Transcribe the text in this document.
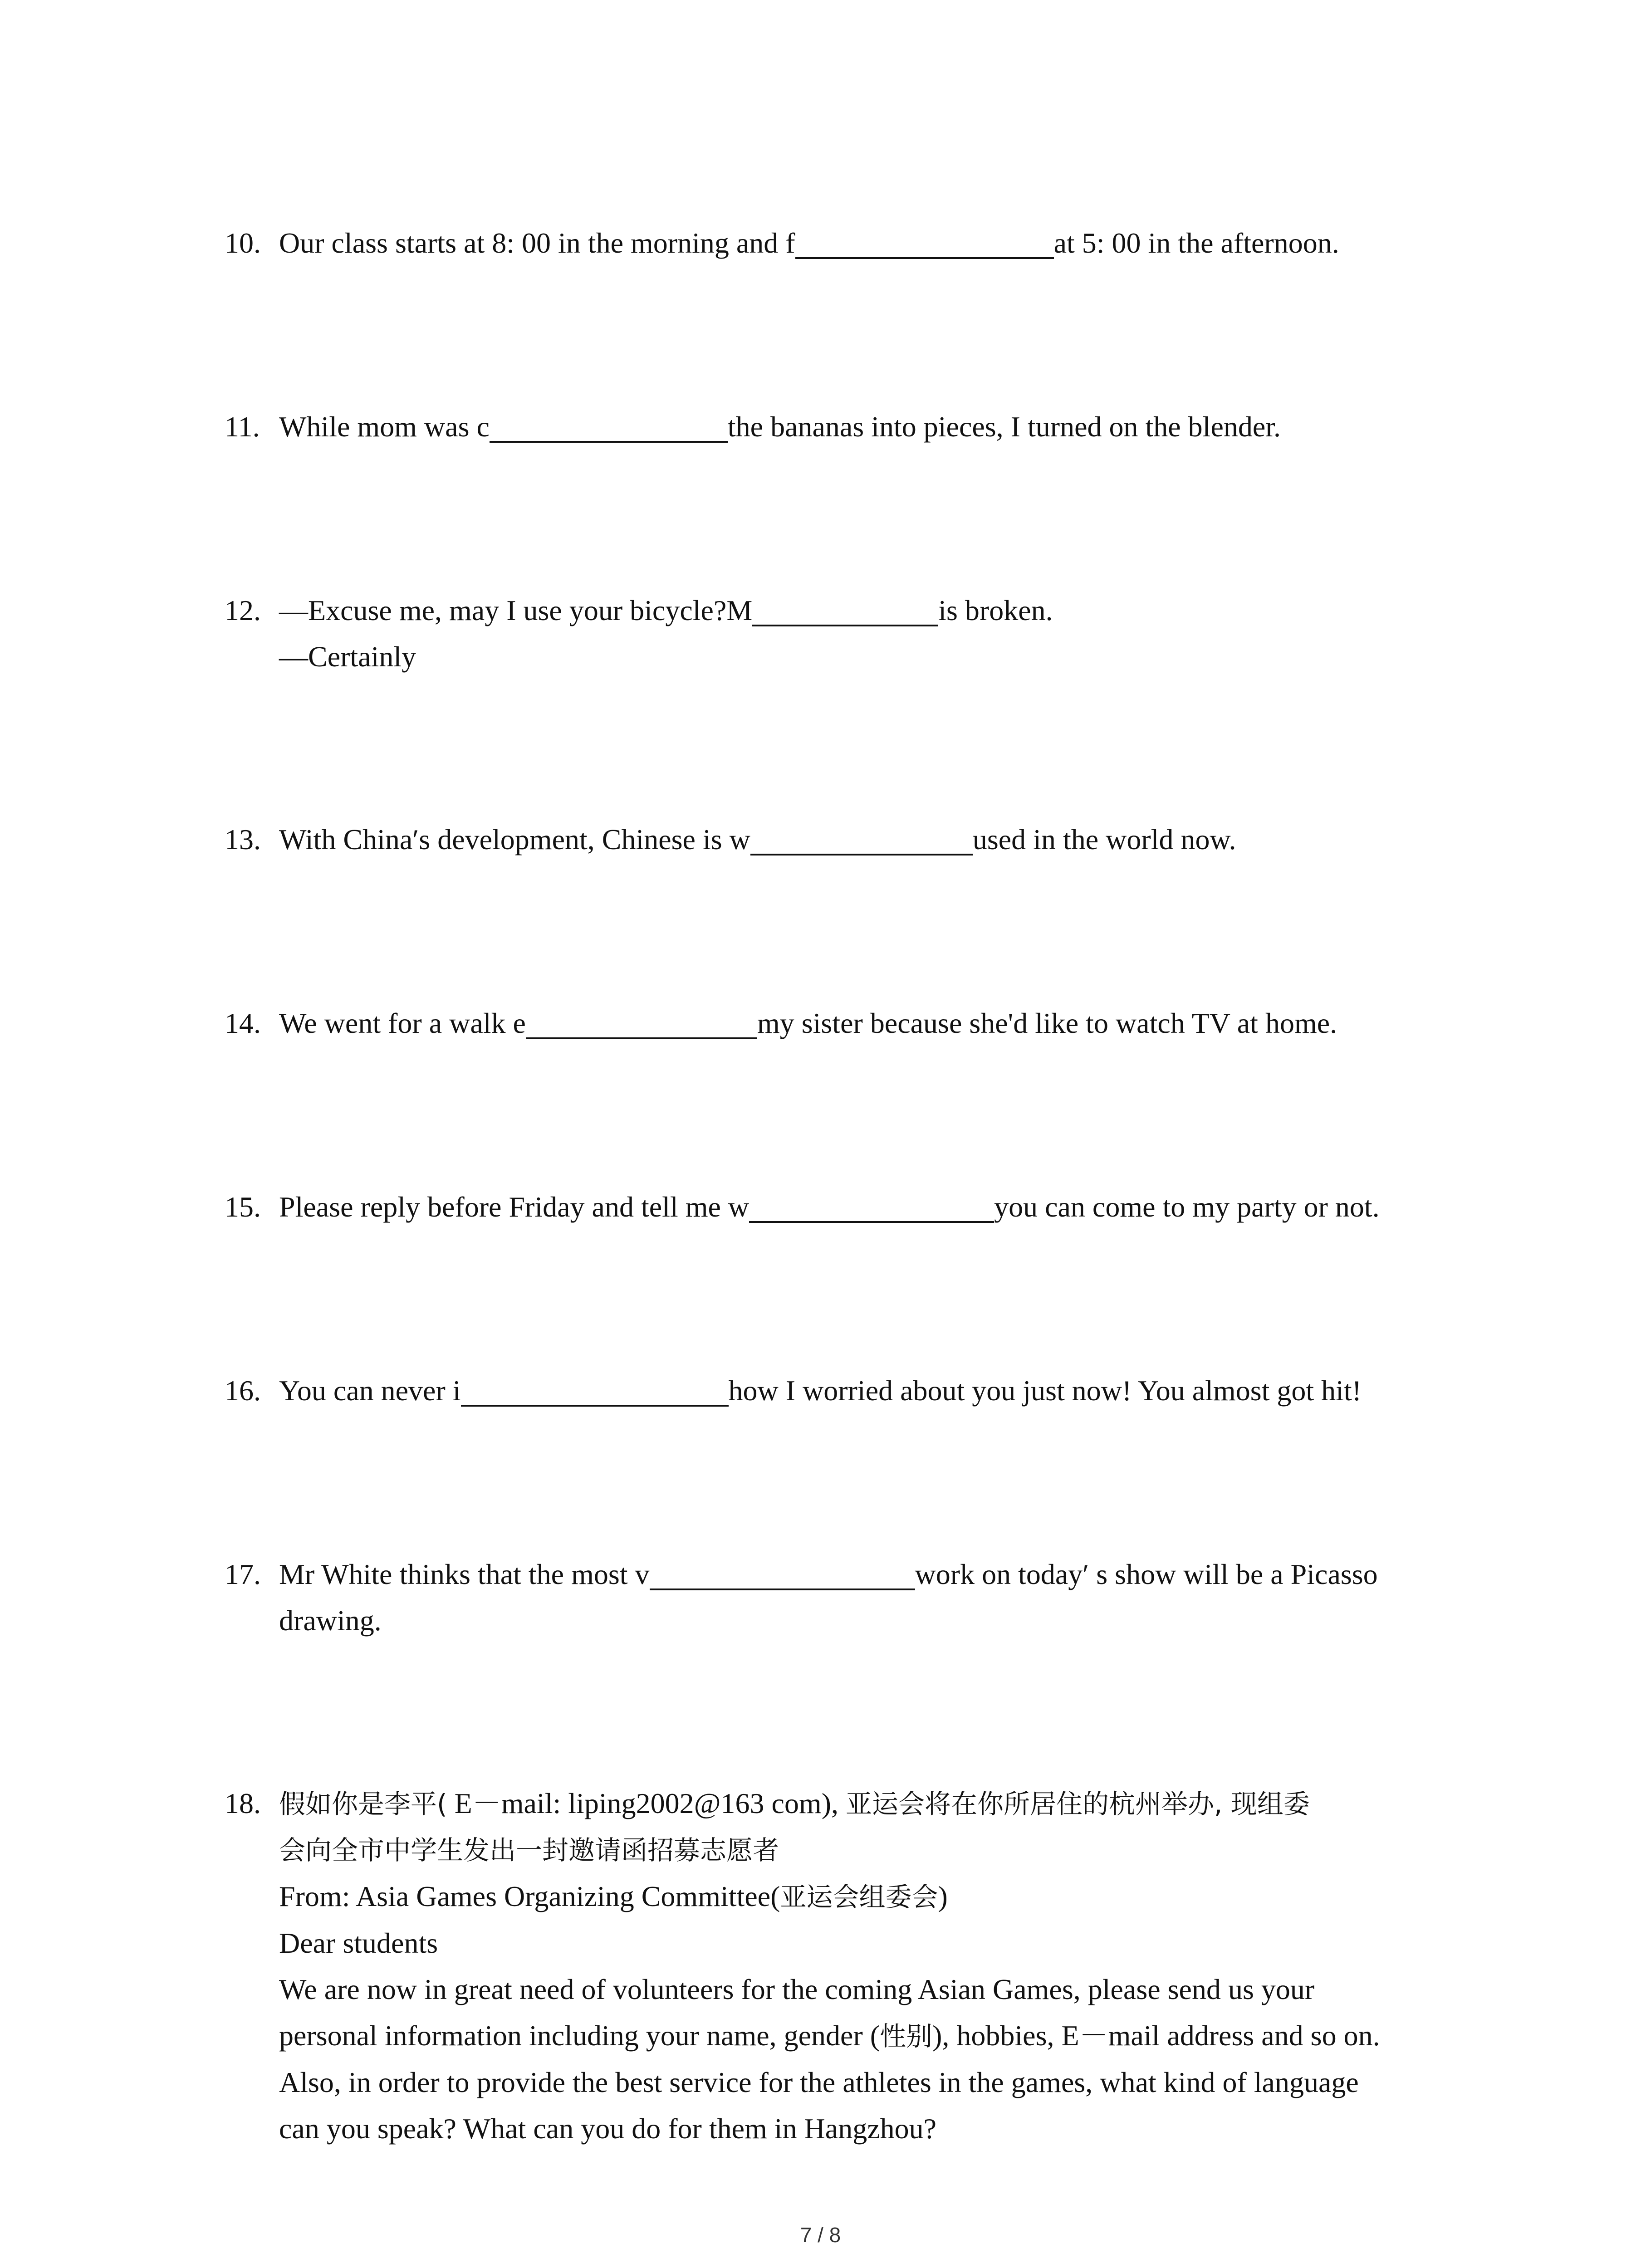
10. Our class starts at 8: 00 in the morning and f	at 5: 00 in the afternoon.
11. While mom was c	the bananas into pieces, I turned on the blender.
12. —Excuse me, may I use your bicycle?M	is broken.
—Certainly
13. With China′s development, Chinese is w	used in the world now.
14. We went for a walk e	my sister because she'd like to watch TV at home.
15. Please reply before Friday and tell me w	you can come to my party or not.
16. You can never i	how I worried about you just now! You almost got hit!
17. Mr White thinks that the most v	work on today′ s show will be a Picasso
drawing.
18. 假如你是李平( E－mail: liping2002@163 com), 亚运会将在你所居住的杭州举办, 现组委
会向全市中学生发出一封邀请函招募志愿者
From: Asia Games Organizing Committee(亚运会组委会)
Dear students
We are now in great need of volunteers for the coming Asian Games, please send us your
personal information including your name, gender (性别), hobbies, E－mail address and so on.
Also, in order to provide the best service for the athletes in the games, what kind of language
can you speak? What can you do for them in Hangzhou?
7 / 8
